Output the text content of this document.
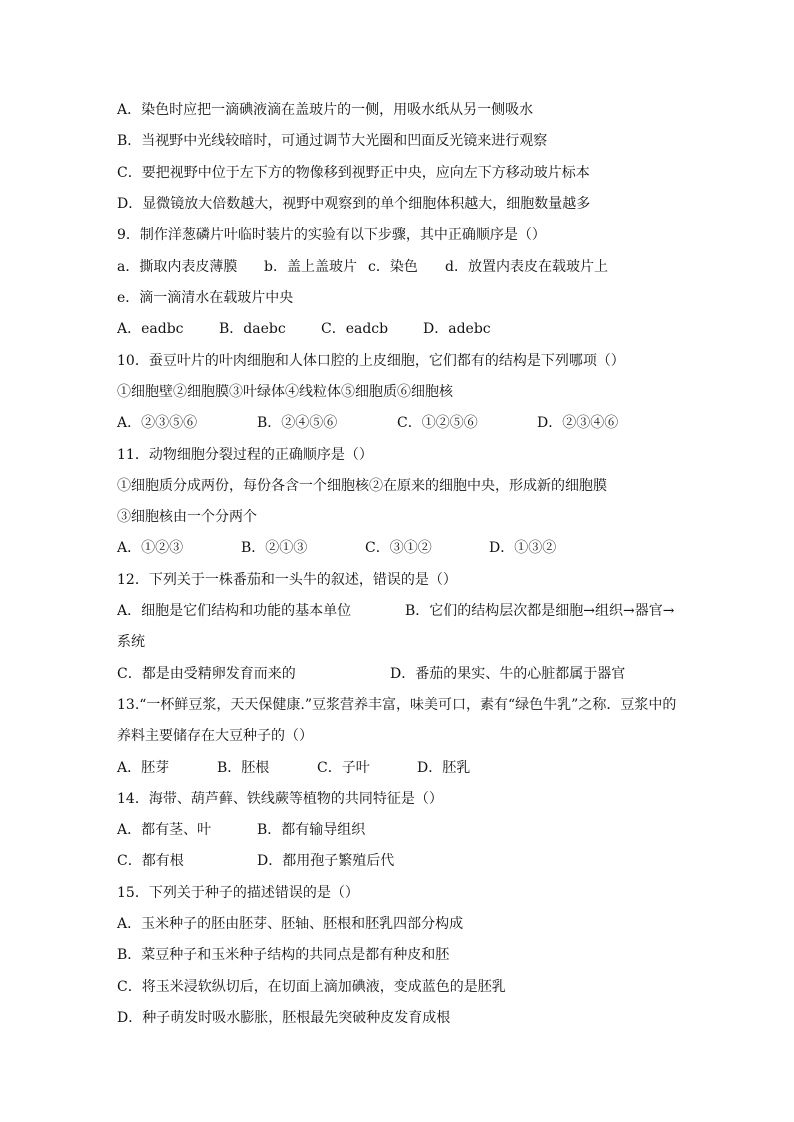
A．染色时应把一滴碘液滴在盖玻片的一侧，用吸水纸从另一侧吸水
B．当视野中光线较暗时，可通过调节大光圈和凹面反光镜来进行观察
C．要把视野中位于左下方的物像移到视野正中央，应向左下方移动玻片标本
D．显微镜放大倍数越大，视野中观察到的单个细胞体积越大，细胞数量越多
9．制作洋葱磷片叶临时装片的实验有以下步骤，其中正确顺序是（）
a．撕取内表皮薄膜 b．盖上盖玻片 c．染色 d．放置内表皮在载玻片上
e．滴一滴清水在载玻片中央
A．eadbc	B．daebc	C．eadcb D．adebc
10．蚕豆叶片的叶肉细胞和人体口腔的上皮细胞，它们都有的结构是下列哪项（）
①细胞壁②细胞膜③叶绿体④线粒体⑤细胞质⑥细胞核
A．②③⑤⑥	B．②④⑤⑥	C．①②⑤⑥	D．②③④⑥
11．动物细胞分裂过程的正确顺序是（）
①细胞质分成两份，每份各含一个细胞核②在原来的细胞中央，形成新的细胞膜
③细胞核由一个分两个
A．①②③	B．②①③	C．③①②	D．①③②
12．下列关于一株番茄和一头牛的叙述，错误的是（）
A．细胞是它们结构和功能的基本单位	B．它们的结构层次都是细胞→组织→器官→
系统
C．都是由受精卵发育而来的	D．番茄的果实、牛的心脏都属于器官
13.“一杯鲜豆浆，天天保健康.”豆浆营养丰富，味美可口，素有“绿色牛乳”之称．豆浆中的
养料主要储存在大豆种子的（）
A．胚芽	B．胚根	C．子叶	D．胚乳
14．海带、葫芦藓、铁线蕨等植物的共同特征是（）
A．都有茎、叶	B．都有输导组织
C．都有根	D．都用孢子繁殖后代
15．下列关于种子的描述错误的是（）
A．玉米种子的胚由胚芽、胚轴、胚根和胚乳四部分构成
B．菜豆种子和玉米种子结构的共同点是都有种皮和胚
C．将玉米浸软纵切后，在切面上滴加碘液，变成蓝色的是胚乳
D．种子萌发时吸水膨胀，胚根最先突破种皮发育成根
